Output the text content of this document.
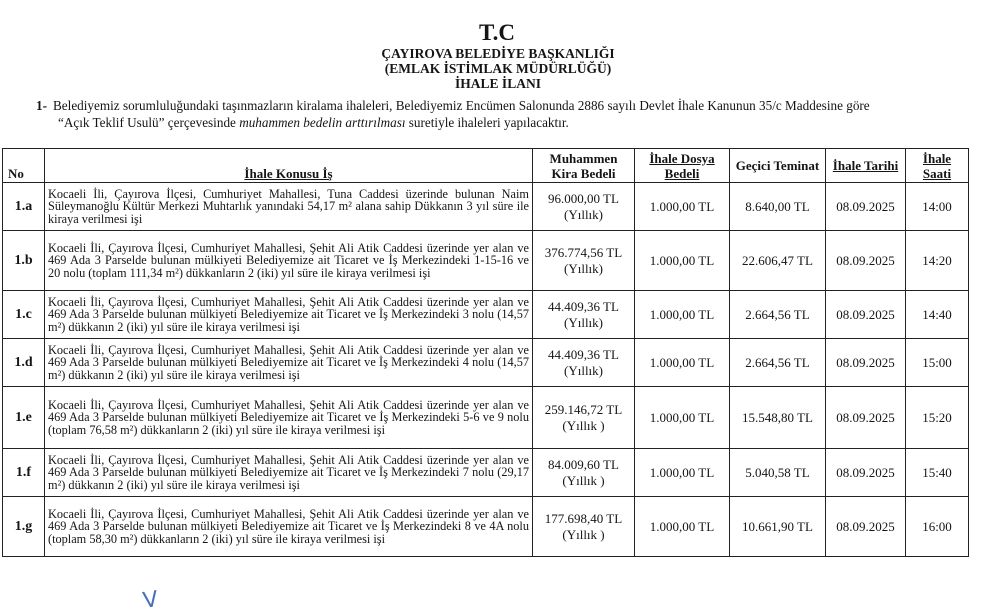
T.C
ÇAYIROVA BELEDİYE BAŞKANLIĞI
(EMLAK İSTİMLAK MÜDÜRLÜĞÜ)
İHALE İLANI
1- Belediyemiz sorumluluğundaki taşınmazların kiralama ihaleleri, Belediyemiz Encümen Salonunda 2886 sayılı Devlet İhale Kanunun 35/c Maddesine göre
“Açık Teklif Usulü” çerçevesinde muhammen bedelin arttırılması suretiyle ihaleleri yapılacaktır.
No	İhale Konusu İş	Muhammen Kira Bedeli	İhale Dosya Bedeli	Geçici Teminat	İhale Tarihi	İhale Saati
1.a	Kocaeli İli, Çayırova İlçesi, Cumhuriyet Mahallesi, Tuna Caddesi üzerinde bulunan Naim Süleymanoğlu Kültür Merkezi Muhtarlık yanındaki 54,17 m² alana sahip Dükkanın 3 yıl süre ile kiraya verilmesi işi	96.000,00 TL
(Yıllık)	1.000,00 TL	8.640,00 TL	08.09.2025	14:00
1.b	Kocaeli İli, Çayırova İlçesi, Cumhuriyet Mahallesi, Şehit Ali Atik Caddesi üzerinde yer alan ve 469 Ada 3 Parselde bulunan mülkiyeti Belediyemize ait Ticaret ve İş Merkezindeki 1-15-16 ve 20 nolu (toplam 111,34 m²) dükkanların 2 (iki) yıl süre ile kiraya verilmesi işi	376.774,56 TL
(Yıllık)	1.000,00 TL	22.606,47 TL	08.09.2025	14:20
1.c	Kocaeli İli, Çayırova İlçesi, Cumhuriyet Mahallesi, Şehit Ali Atik Caddesi üzerinde yer alan ve 469 Ada 3 Parselde bulunan mülkiyeti Belediyemize ait Ticaret ve İş Merkezindeki 3 nolu (14,57 m²) dükkanın 2 (iki) yıl süre ile kiraya verilmesi işi	44.409,36 TL
(Yıllık)	1.000,00 TL	2.664,56 TL	08.09.2025	14:40
1.d	Kocaeli İli, Çayırova İlçesi, Cumhuriyet Mahallesi, Şehit Ali Atik Caddesi üzerinde yer alan ve 469 Ada 3 Parselde bulunan mülkiyeti Belediyemize ait Ticaret ve İş Merkezindeki 4 nolu (14,57 m²) dükkanın 2 (iki) yıl süre ile kiraya verilmesi işi	44.409,36 TL
(Yıllık)	1.000,00 TL	2.664,56 TL	08.09.2025	15:00
1.e	Kocaeli İli, Çayırova İlçesi, Cumhuriyet Mahallesi, Şehit Ali Atik Caddesi üzerinde yer alan ve 469 Ada 3 Parselde bulunan mülkiyeti Belediyemize ait Ticaret ve İş Merkezindeki 5-6 ve 9 nolu (toplam 76,58 m²) dükkanların 2 (iki) yıl süre ile kiraya verilmesi işi	259.146,72 TL
(Yıllık )	1.000,00 TL	15.548,80 TL	08.09.2025	15:20
1.f	Kocaeli İli, Çayırova İlçesi, Cumhuriyet Mahallesi, Şehit Ali Atik Caddesi üzerinde yer alan ve 469 Ada 3 Parselde bulunan mülkiyeti Belediyemize ait Ticaret ve İş Merkezindeki 7 nolu (29,17 m²) dükkanın 2 (iki) yıl süre ile kiraya verilmesi işi	84.009,60 TL
(Yıllık )	1.000,00 TL	5.040,58 TL	08.09.2025	15:40
1.g	Kocaeli İli, Çayırova İlçesi, Cumhuriyet Mahallesi, Şehit Ali Atik Caddesi üzerinde yer alan ve 469 Ada 3 Parselde bulunan mülkiyeti Belediyemize ait Ticaret ve İş Merkezindeki 8 ve 4A nolu (toplam 58,30 m²) dükkanların 2 (iki) yıl süre ile kiraya verilmesi işi	177.698,40 TL
(Yıllık )	1.000,00 TL	10.661,90 TL	08.09.2025	16:00
V
